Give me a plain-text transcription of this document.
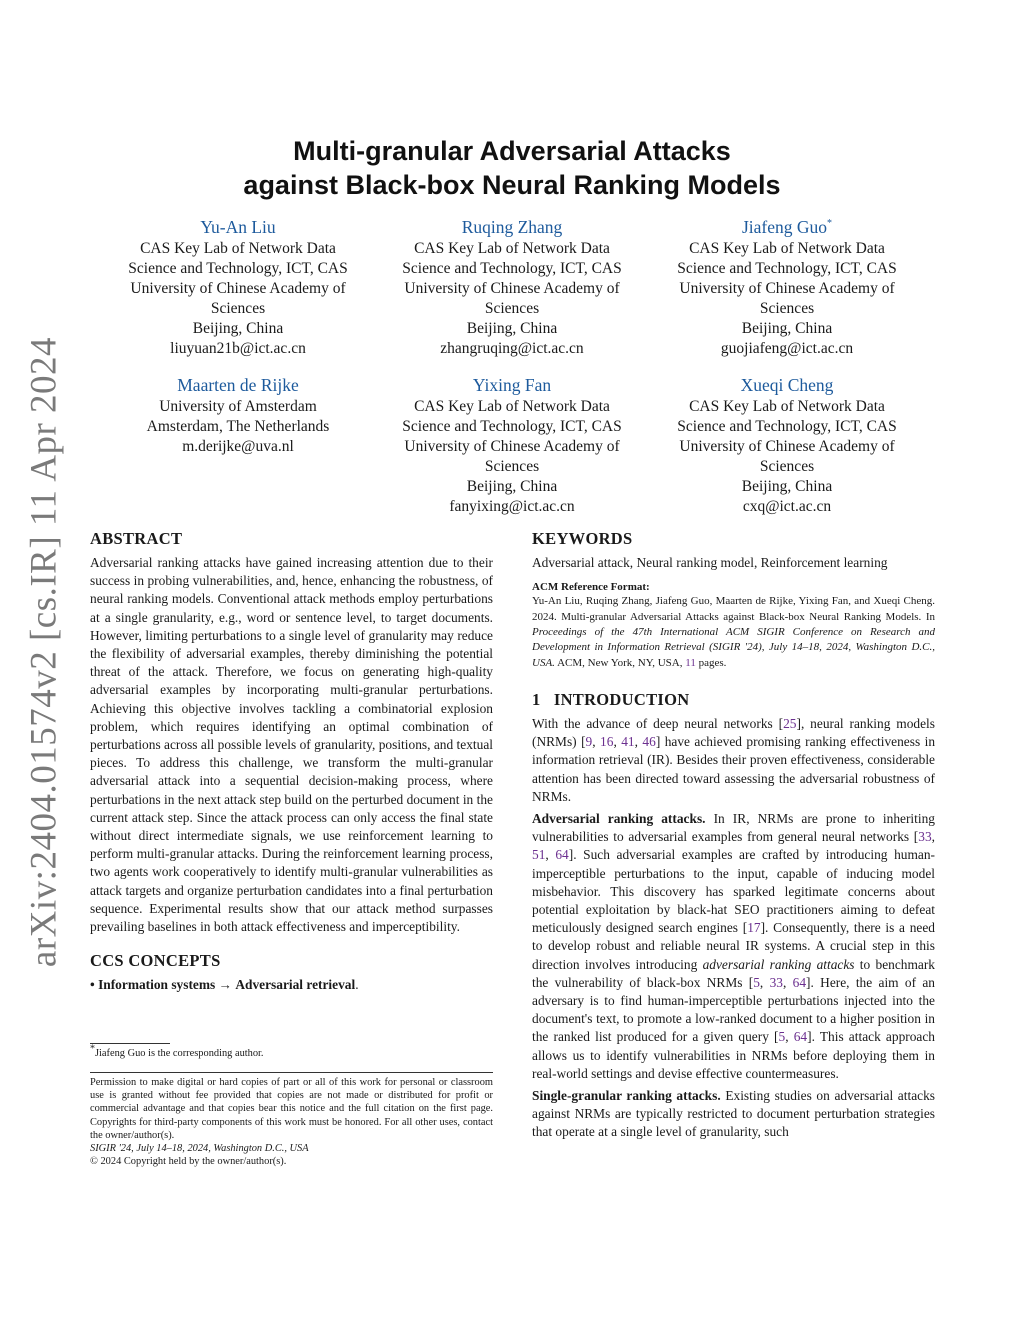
arXiv:2404.01574v2 [cs.IR] 11 Apr 2024
Multi-granular Adversarial Attacks
against Black-box Neural Ranking Models
Yu-An Liu
CAS Key Lab of Network Data
Science and Technology, ICT, CAS
University of Chinese Academy of
Sciences
Beijing, China
liuyuan21b@ict.ac.cn
Ruqing Zhang
CAS Key Lab of Network Data
Science and Technology, ICT, CAS
University of Chinese Academy of
Sciences
Beijing, China
zhangruqing@ict.ac.cn
Jiafeng Guo*
CAS Key Lab of Network Data
Science and Technology, ICT, CAS
University of Chinese Academy of
Sciences
Beijing, China
guojiafeng@ict.ac.cn
Maarten de Rijke
University of Amsterdam
Amsterdam, The Netherlands
m.derijke@uva.nl
Yixing Fan
CAS Key Lab of Network Data
Science and Technology, ICT, CAS
University of Chinese Academy of
Sciences
Beijing, China
fanyixing@ict.ac.cn
Xueqi Cheng
CAS Key Lab of Network Data
Science and Technology, ICT, CAS
University of Chinese Academy of
Sciences
Beijing, China
cxq@ict.ac.cn
ABSTRACT
Adversarial ranking attacks have gained increasing attention due to their success in probing vulnerabilities, and, hence, enhancing the robustness, of neural ranking models. Conventional attack methods employ perturbations at a single granularity, e.g., word or sentence level, to target documents. However, limiting perturbations to a single level of granularity may reduce the flexibility of adversarial examples, thereby diminishing the potential threat of the attack. Therefore, we focus on generating high-quality adversarial examples by incorporating multi-granular perturbations. Achieving this objective involves tackling a combinatorial explosion problem, which requires identifying an optimal combination of perturbations across all possible levels of granularity, positions, and textual pieces. To address this challenge, we transform the multi-granular adversarial attack into a sequential decision-making process, where perturbations in the next attack step build on the perturbed document in the current attack step. Since the attack process can only access the final state without direct intermediate signals, we use reinforcement learning to perform multi-granular attacks. During the reinforcement learning process, two agents work cooperatively to identify multi-granular vulnerabilities as attack targets and organize perturbation candidates into a final perturbation sequence. Experimental results show that our attack method surpasses prevailing baselines in both attack effectiveness and imperceptibility.
CCS CONCEPTS
• Information systems → Adversarial retrieval.
*Jiafeng Guo is the corresponding author.
Permission to make digital or hard copies of part or all of this work for personal or classroom use is granted without fee provided that copies are not made or distributed for profit or commercial advantage and that copies bear this notice and the full citation on the first page. Copyrights for third-party components of this work must be honored. For all other uses, contact the owner/author(s).
SIGIR '24, July 14–18, 2024, Washington D.C., USA
© 2024 Copyright held by the owner/author(s).
KEYWORDS
Adversarial attack, Neural ranking model, Reinforcement learning
ACM Reference Format:
Yu-An Liu, Ruqing Zhang, Jiafeng Guo, Maarten de Rijke, Yixing Fan, and Xueqi Cheng. 2024. Multi-granular Adversarial Attacks against Black-box Neural Ranking Models. In Proceedings of the 47th International ACM SIGIR Conference on Research and Development in Information Retrieval (SIGIR '24), July 14–18, 2024, Washington D.C., USA. ACM, New York, NY, USA, 11 pages.
1 INTRODUCTION
With the advance of deep neural networks [25], neural ranking models (NRMs) [9, 16, 41, 46] have achieved promising ranking effectiveness in information retrieval (IR). Besides their proven effectiveness, considerable attention has been directed toward assessing the adversarial robustness of NRMs.
Adversarial ranking attacks. In IR, NRMs are prone to inheriting vulnerabilities to adversarial examples from general neural networks [33, 51, 64]. Such adversarial examples are crafted by introducing human-imperceptible perturbations to the input, capable of inducing model misbehavior. This discovery has sparked legitimate concerns about potential exploitation by black-hat SEO practitioners aiming to defeat meticulously designed search engines [17]. Consequently, there is a need to develop robust and reliable neural IR systems. A crucial step in this direction involves introducing adversarial ranking attacks to benchmark the vulnerability of black-box NRMs [5, 33, 64]. Here, the aim of an adversary is to find human-imperceptible perturbations injected into the document's text, to promote a low-ranked document to a higher position in the ranked list produced for a given query [5, 64]. This attack approach allows us to identify vulnerabilities in NRMs before deploying them in real-world settings and devise effective countermeasures.
Single-granular ranking attacks. Existing studies on adversarial attacks against NRMs are typically restricted to document perturbation strategies that operate at a single level of granularity, such
